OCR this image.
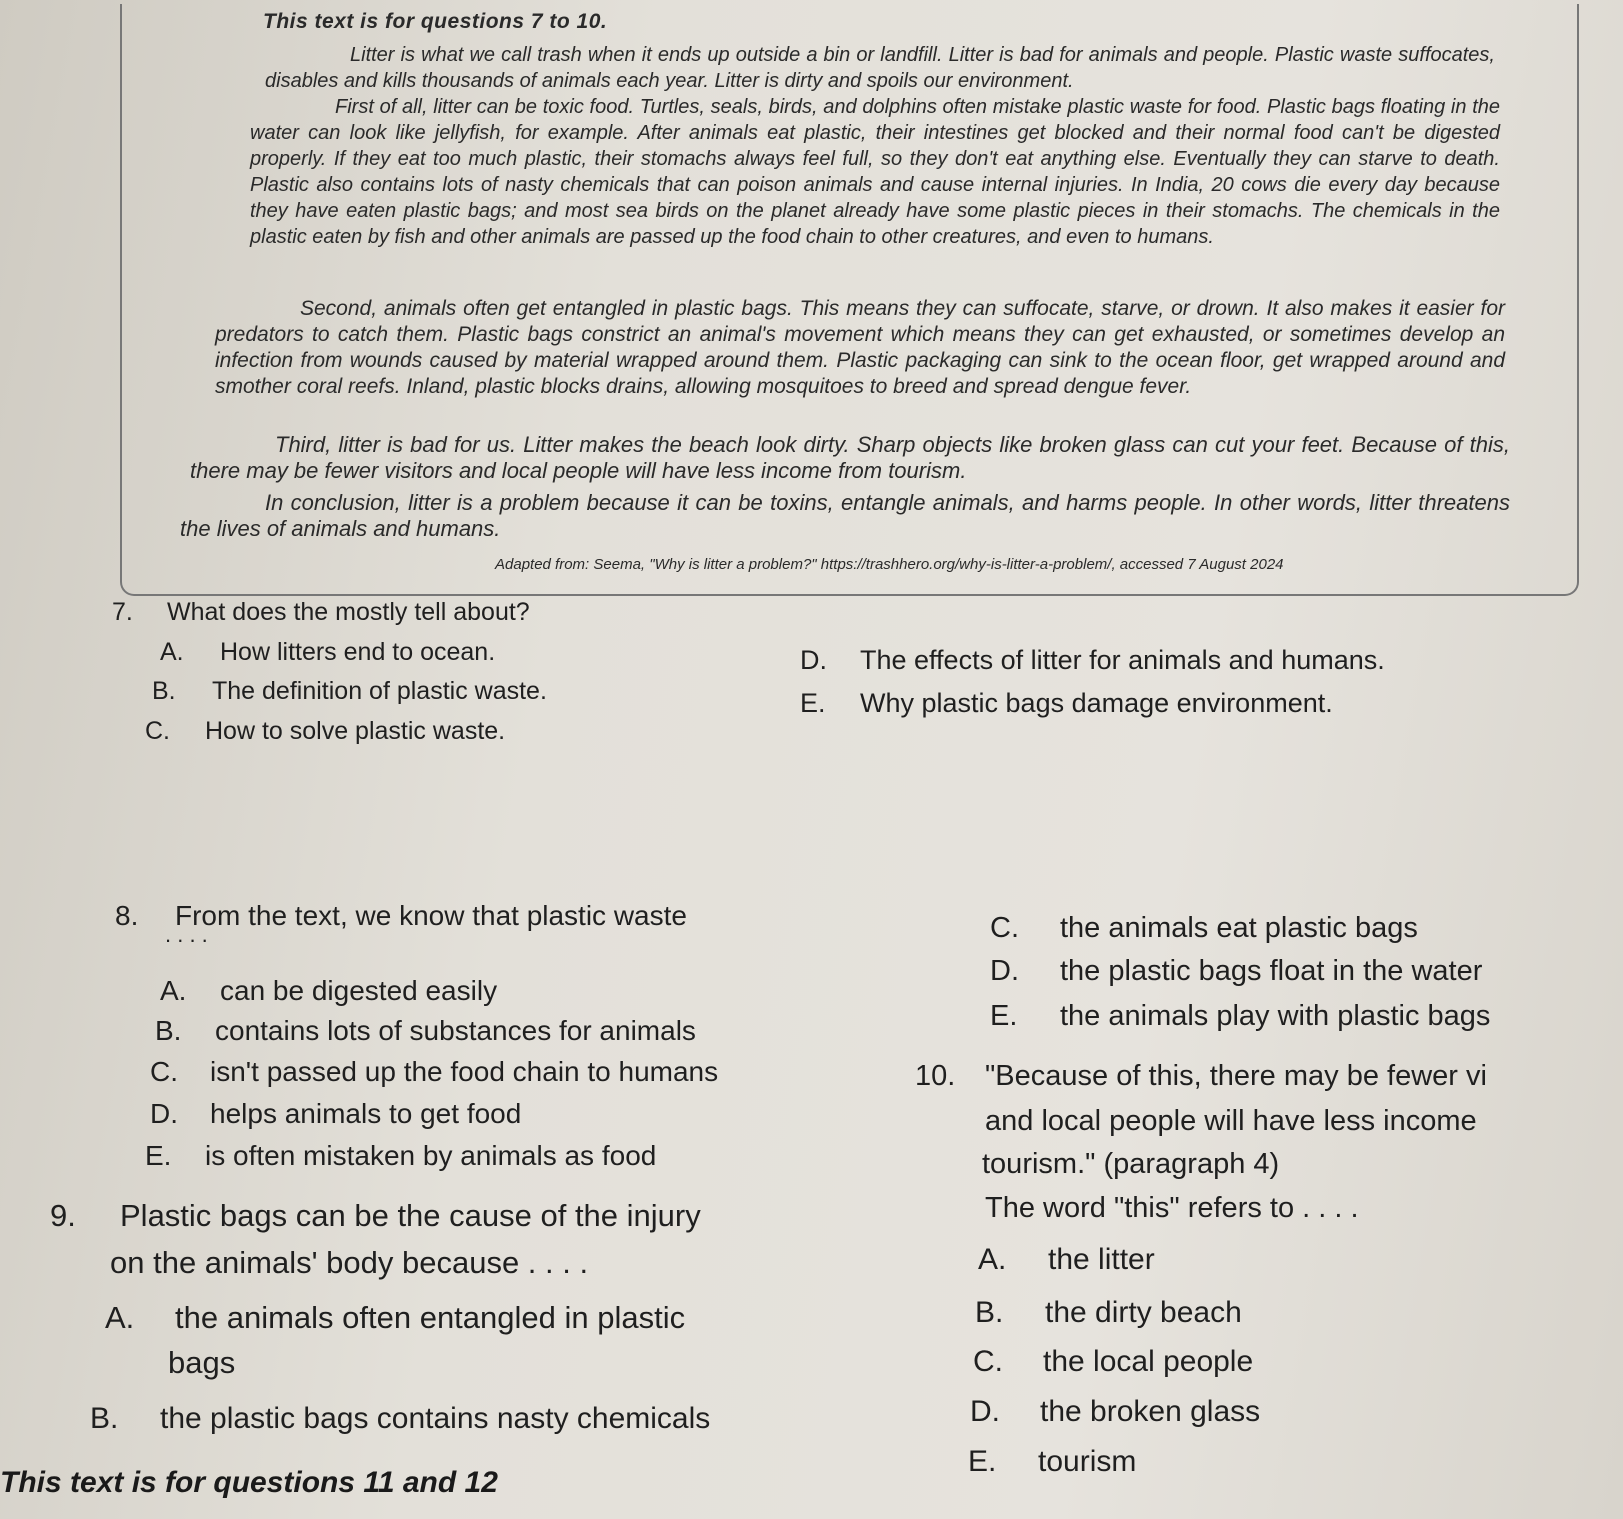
This text is for questions 7 to 10.
Litter is what we call trash when it ends up outside a bin or landfill. Litter is bad for animals and people. Plastic waste suffocates, disables and kills thousands of animals each year. Litter is dirty and spoils our environment.
First of all, litter can be toxic food. Turtles, seals, birds, and dolphins often mistake plastic waste for food. Plastic bags floating in the water can look like jellyfish, for example. After animals eat plastic, their intestines get blocked and their normal food can't be digested properly. If they eat too much plastic, their stomachs always feel full, so they don't eat anything else. Eventually they can starve to death. Plastic also contains lots of nasty chemicals that can poison animals and cause internal injuries. In India, 20 cows die every day because they have eaten plastic bags; and most sea birds on the planet already have some plastic pieces in their stomachs. The chemicals in the plastic eaten by fish and other animals are passed up the food chain to other creatures, and even to humans.
Second, animals often get entangled in plastic bags. This means they can suffocate, starve, or drown. It also makes it easier for predators to catch them. Plastic bags constrict an animal's movement which means they can get exhausted, or sometimes develop an infection from wounds caused by material wrapped around them. Plastic packaging can sink to the ocean floor, get wrapped around and smother coral reefs. Inland, plastic blocks drains, allowing mosquitoes to breed and spread dengue fever.
Third, litter is bad for us. Litter makes the beach look dirty. Sharp objects like broken glass can cut your feet. Because of this, there may be fewer visitors and local people will have less income from tourism.
In conclusion, litter is a problem because it can be toxins, entangle animals, and harms people. In other words, litter threatens the lives of animals and humans.
Adapted from: Seema, "Why is litter a problem?" https://trashhero.org/why-is-litter-a-problem/, accessed 7 August 2024
7. What does the mostly tell about?
A. How litters end to ocean.
B. The definition of plastic waste.
C. How to solve plastic waste.
D. The effects of litter for animals and humans.
E. Why plastic bags damage environment.
8. From the text, we know that plastic waste
. . . .
A. can be digested easily
B. contains lots of substances for animals
C. isn't passed up the food chain to humans
D. helps animals to get food
E. is often mistaken by animals as food
9. Plastic bags can be the cause of the injury
on the animals' body because . . . .
A. the animals often entangled in plastic
bags
B. the plastic bags contains nasty chemicals
C. the animals eat plastic bags
D. the plastic bags float in the water
E. the animals play with plastic bags
10. "Because of this, there may be fewer vi
and local people will have less income
tourism." (paragraph 4)
The word "this" refers to . . . .
A. the litter
B. the dirty beach
C. the local people
D. the broken glass
E. tourism
This text is for questions 11 and 12
